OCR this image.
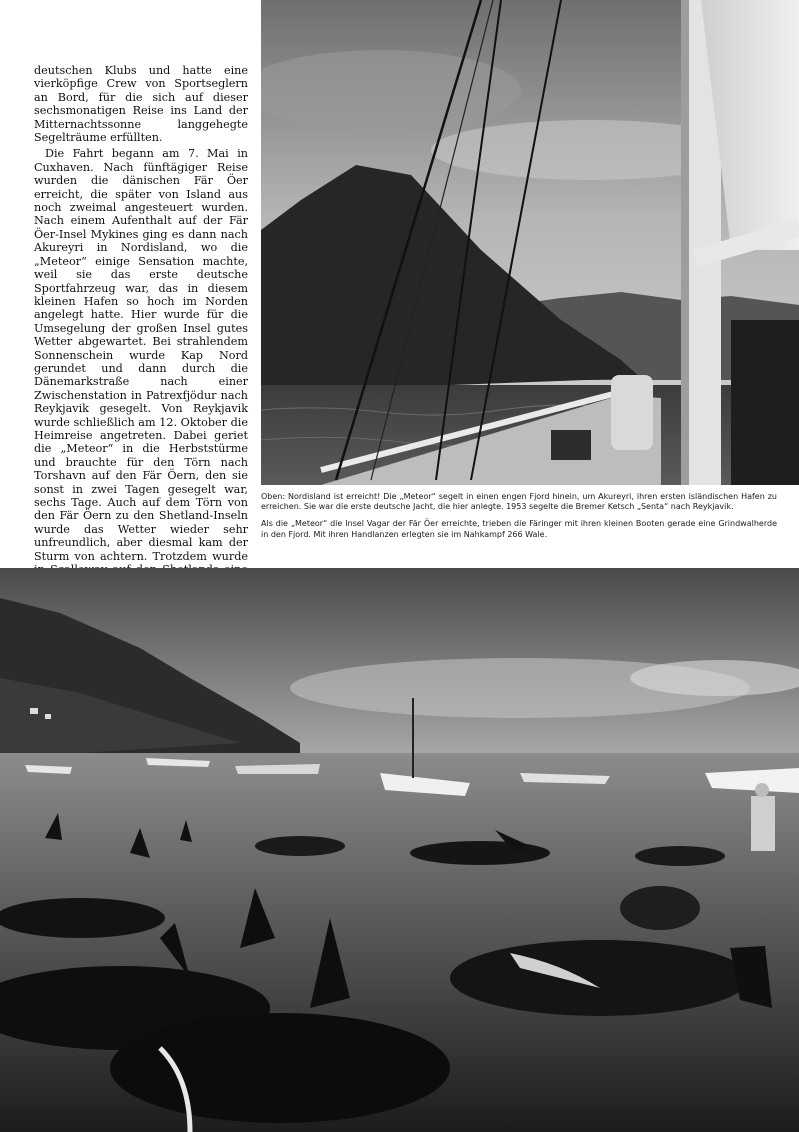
deutschen Klubs und hatte eine vierköpfige Crew von Sportseglern an Bord, für die sich auf dieser sechsmonatigen Reise ins Land der Mitternachtssonne langgehegte Segelträume erfüllten.

Die Fahrt begann am 7. Mai in Cuxhaven. Nach fünftägiger Reise wurden die dänischen Fär Öer erreicht, die später von Island aus noch zweimal angesteuert wurden. Nach einem Aufenthalt auf der Fär Öer-Insel Mykines ging es dann nach Akureyri in Nordisland, wo die „Meteor“ einige Sensation machte, weil sie das erste deutsche Sportfahrzeug war, das in diesem kleinen Hafen so hoch im Norden angelegt hatte. Hier wurde für die Umsegelung der großen Insel gutes Wetter abgewartet. Bei strahlendem Sonnenschein wurde Kap Nord gerundet und dann durch die Dänemarkstraße nach einer Zwischenstation in Patrexfjödur nach Reykjavik gesegelt. Von Reykjavik wurde schließlich am 12. Oktober die Heimreise angetreten. Dabei geriet die „Meteor“ in die Herbststürme und brauchte für den Törn nach Torshavn auf den Fär Öern, den sie sonst in zwei Tagen gesegelt war, sechs Tage. Auch auf dem Törn von den Fär Öern zu den Shetland-Inseln wurde das Wetter wieder sehr unfreundlich, aber diesmal kam der Sturm von achtern. Trotzdem wurde

Oben: Nordisland ist erreicht! Die „Meteor“ segelt in einen engen Fjord hinein, um Akureyri, ihren ersten isländischen Hafen zu erreichen. Sie war die erste deutsche Jacht, die hier anlegte. 1953 segelte die Bremer Ketsch „Senta“ nach Reykjavik.

Als die „Meteor“ die Insel Vagar der Fär Öer erreichte, trieben die Färinger mit ihren kleinen Booten gerade eine Grindwalherde in den Fjord. Mit ihren Handlanzen erlegten sie im Nahkampf 266 Wale.
